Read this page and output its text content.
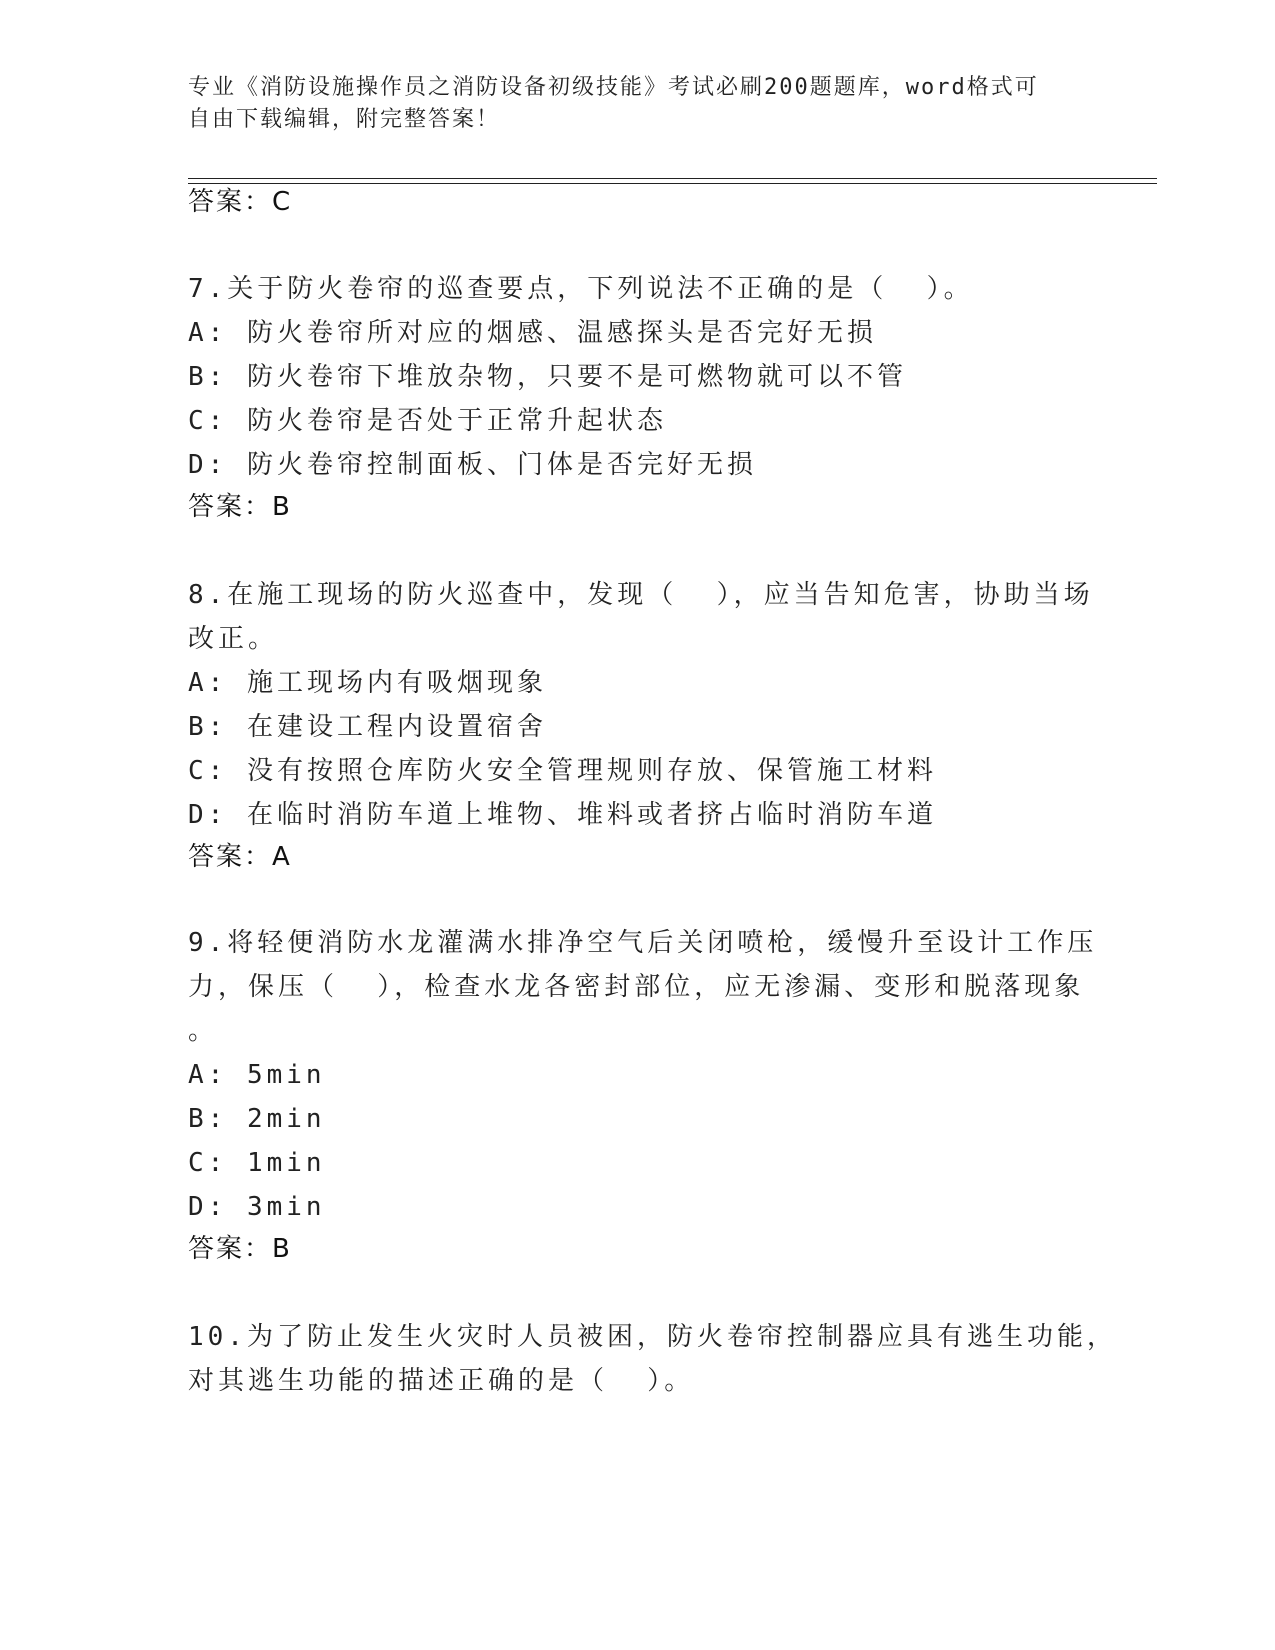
专业《消防设施操作员之消防设备初级技能》考试必刷200题题库，word格式可
自由下载编辑，附完整答案！
答案：C
7.关于防火卷帘的巡查要点，下列说法不正确的是（  ）。
A: 防火卷帘所对应的烟感、温感探头是否完好无损
B: 防火卷帘下堆放杂物，只要不是可燃物就可以不管
C: 防火卷帘是否处于正常升起状态
D: 防火卷帘控制面板、门体是否完好无损
答案：B
8.在施工现场的防火巡查中，发现（  ），应当告知危害，协助当场
改正。
A: 施工现场内有吸烟现象
B: 在建设工程内设置宿舍
C: 没有按照仓库防火安全管理规则存放、保管施工材料
D: 在临时消防车道上堆物、堆料或者挤占临时消防车道
答案：A
9.将轻便消防水龙灌满水排净空气后关闭喷枪，缓慢升至设计工作压
力，保压（  ），检查水龙各密封部位，应无渗漏、变形和脱落现象
。
A: 5min
B: 2min
C: 1min
D: 3min
答案：B
10.为了防止发生火灾时人员被困，防火卷帘控制器应具有逃生功能，
对其逃生功能的描述正确的是（  ）。
